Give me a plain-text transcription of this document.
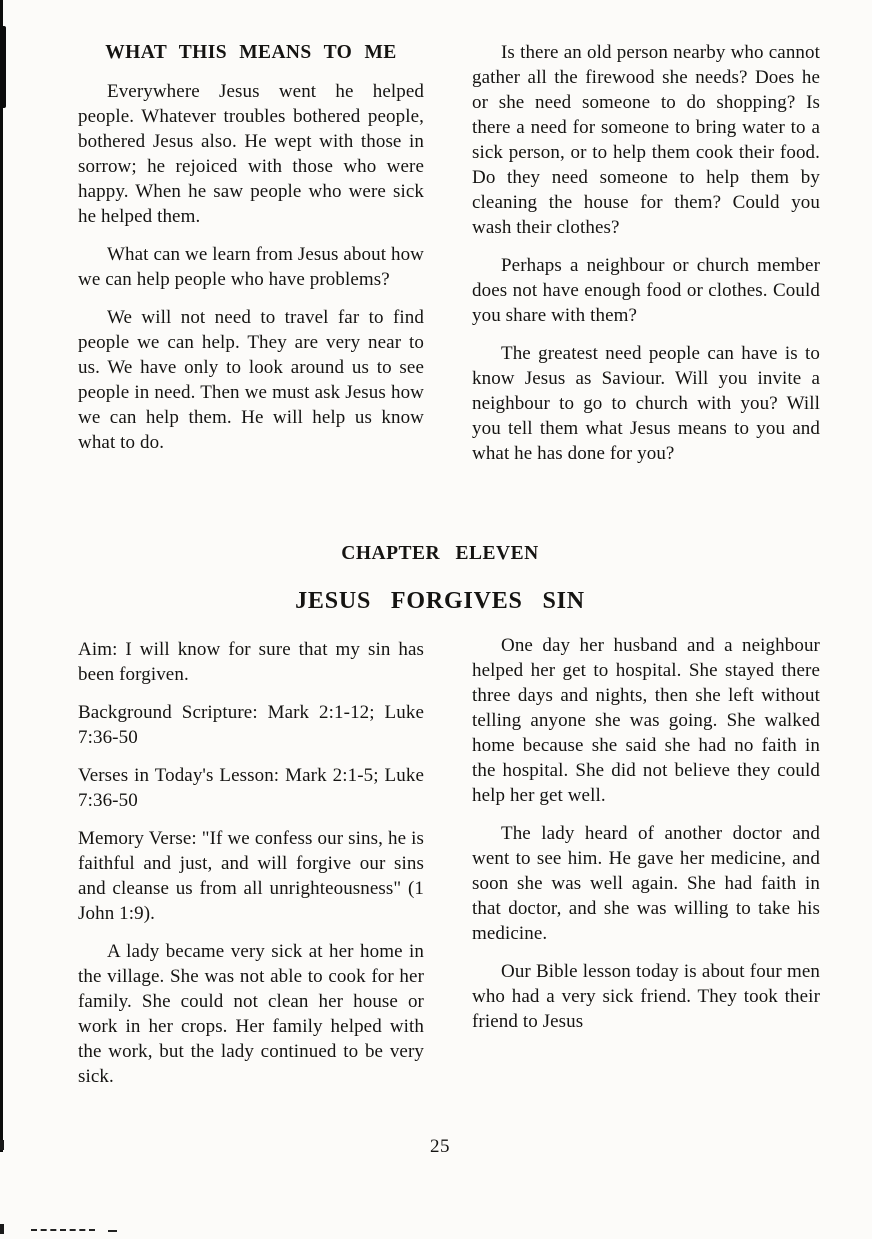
WHAT THIS MEANS TO ME

Everywhere Jesus went he helped people. Whatever troubles bothered people, bothered Jesus also. He wept with those in sorrow; he rejoiced with those who were happy. When he saw people who were sick he helped them.

What can we learn from Jesus about how we can help people who have problems?

We will not need to travel far to find people we can help. They are very near to us. We have only to look around us to see people in need. Then we must ask Jesus how we can help them. He will help us know what to do.

Is there an old person nearby who cannot gather all the firewood she needs? Does he or she need someone to do shopping? Is there a need for someone to bring water to a sick person, or to help them cook their food. Do they need someone to help them by cleaning the house for them? Could you wash their clothes?

Perhaps a neighbour or church member does not have enough food or clothes. Could you share with them?

The greatest need people can have is to know Jesus as Saviour. Will you invite a neighbour to go to church with you? Will you tell them what Jesus means to you and what he has done for you?

CHAPTER ELEVEN
JESUS FORGIVES SIN

Aim: I will know for sure that my sin has been forgiven.

Background Scripture: Mark 2:1-12; Luke 7:36-50

Verses in Today's Lesson: Mark 2:1-5; Luke 7:36-50

Memory Verse: "If we confess our sins, he is faithful and just, and will forgive our sins and cleanse us from all unrighteousness" (1 John 1:9).

A lady became very sick at her home in the village. She was not able to cook for her family. She could not clean her house or work in her crops. Her family helped with the work, but the lady continued to be very sick.

One day her husband and a neighbour helped her get to hospital. She stayed there three days and nights, then she left without telling anyone she was going. She walked home because she said she had no faith in the hospital. She did not believe they could help her get well.

The lady heard of another doctor and went to see him. He gave her medicine, and soon she was well again. She had faith in that doctor, and she was willing to take his medicine.

Our Bible lesson today is about four men who had a very sick friend. They took their friend to Jesus

25
